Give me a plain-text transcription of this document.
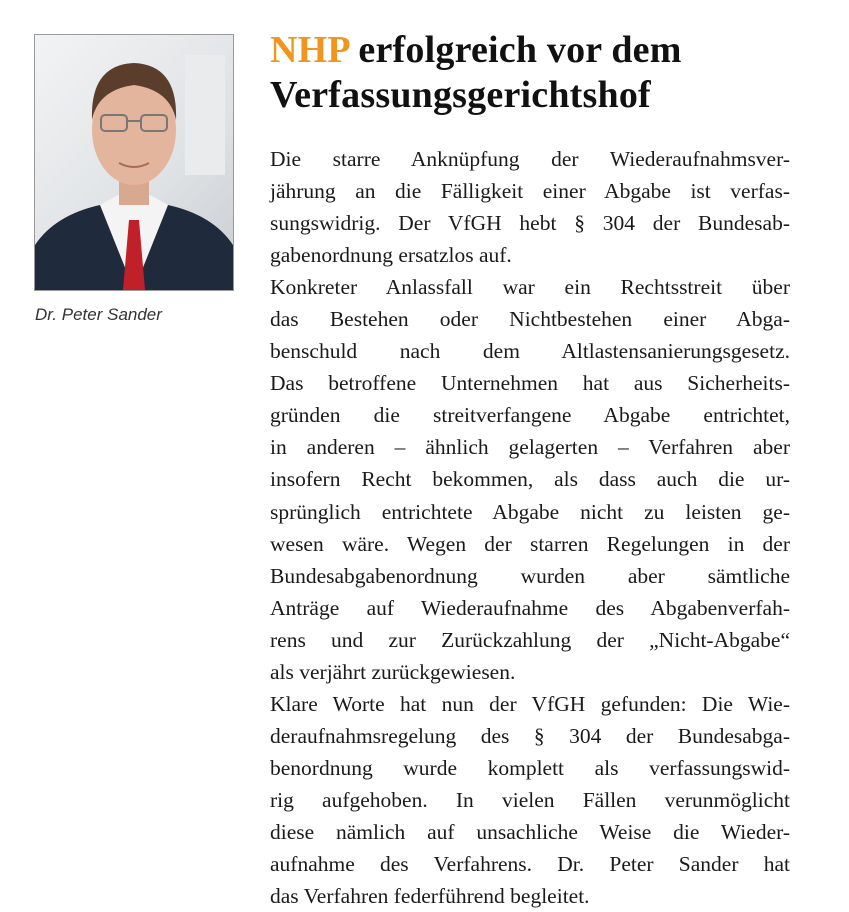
Dr. Peter Sander
NHP erfolgreich vor dem
Verfassungsgerichtshof
Die starre Anknüpfung der Wiederaufnahmsver-
jährung an die Fälligkeit einer Abgabe ist verfas-
sungswidrig. Der VfGH hebt § 304 der Bundesab-
gabenordnung ersatzlos auf.
Konkreter Anlassfall war ein Rechtsstreit über
das Bestehen oder Nichtbestehen einer Abga-
benschuld nach dem Altlastensanierungsgesetz.
Das betroffene Unternehmen hat aus Sicherheits-
gründen die streitverfangene Abgabe entrichtet,
in anderen – ähnlich gelagerten – Verfahren aber
insofern Recht bekommen, als dass auch die ur-
sprünglich entrichtete Abgabe nicht zu leisten ge-
wesen wäre. Wegen der starren Regelungen in der
Bundesabgabenordnung wurden aber sämtliche
Anträge auf Wiederaufnahme des Abgabenverfah-
rens und zur Zurückzahlung der „Nicht-Abgabe“
als verjährt zurückgewiesen.
Klare Worte hat nun der VfGH gefunden: Die Wie-
deraufnahmsregelung des § 304 der Bundesabga-
benordnung wurde komplett als verfassungswid-
rig aufgehoben. In vielen Fällen verunmöglicht
diese nämlich auf unsachliche Weise die Wieder-
aufnahme des Verfahrens. Dr. Peter Sander hat
das Verfahren federführend begleitet.
